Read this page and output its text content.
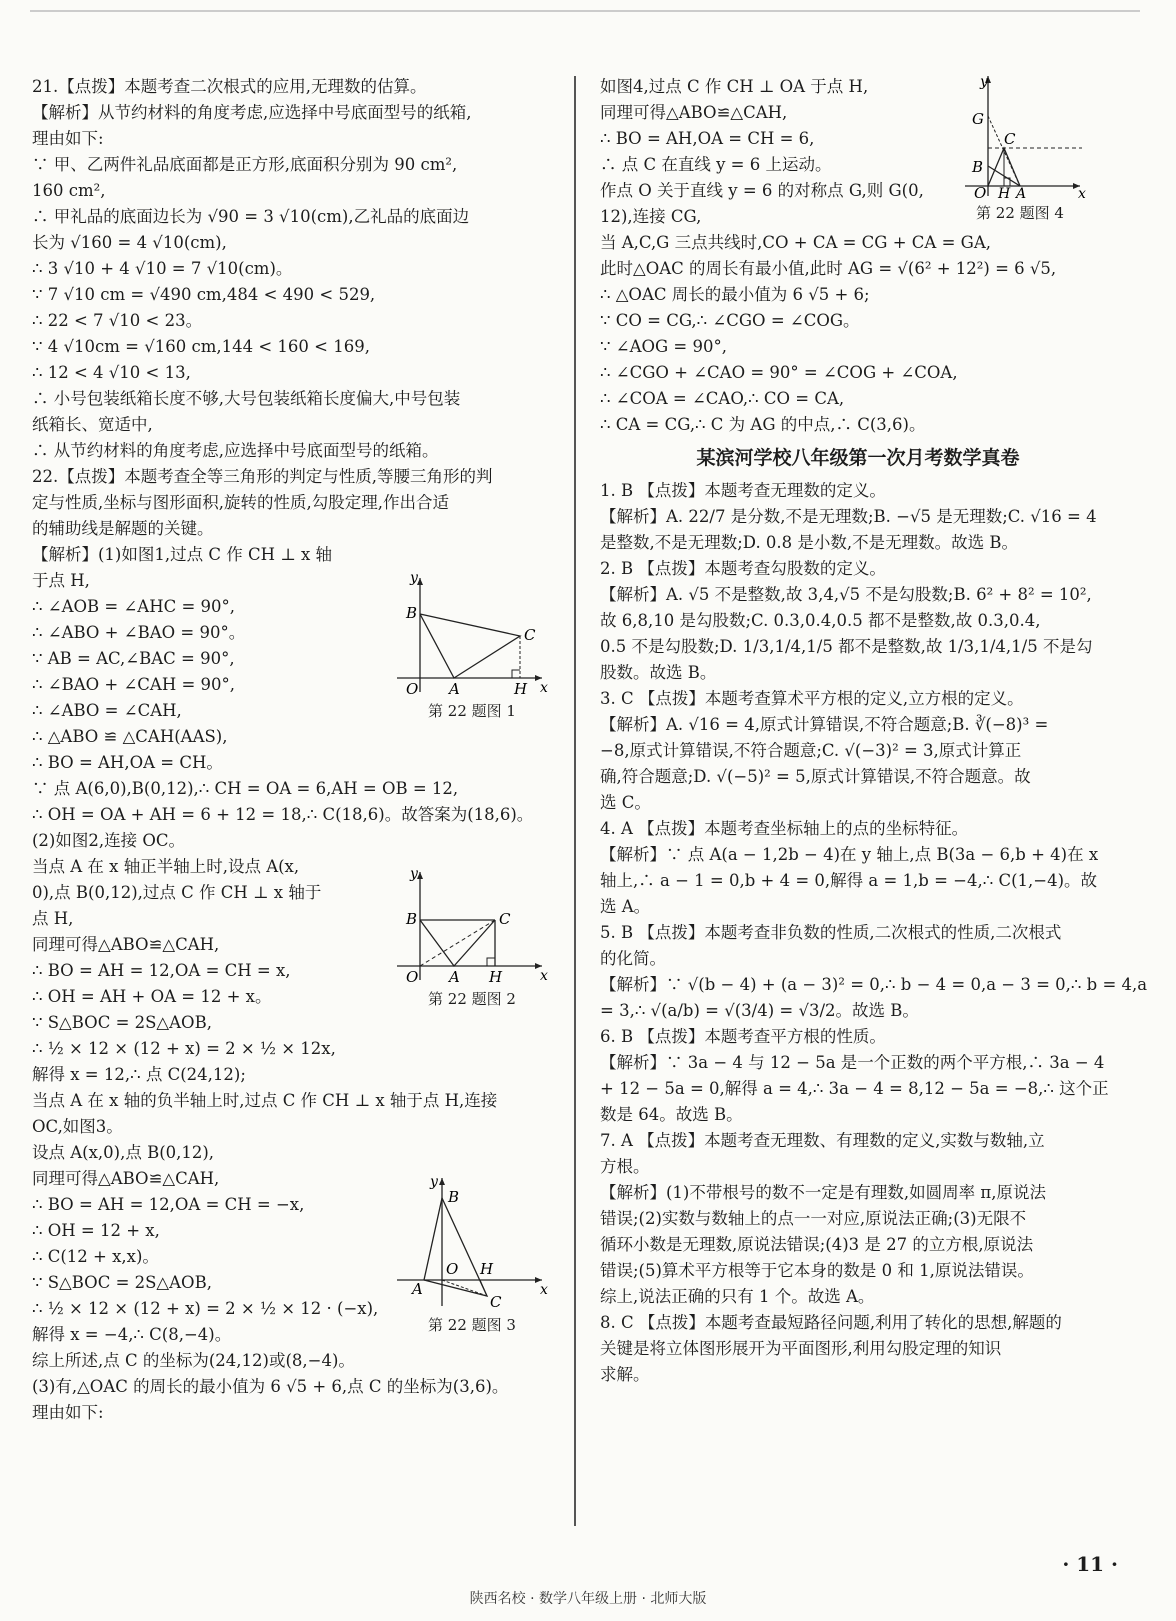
21.【点拨】本题考查二次根式的应用,无理数的估算。
【解析】从节约材料的角度考虑,应选择中号底面型号的纸箱,
理由如下:
∵ 甲、乙两件礼品底面都是正方形,底面积分别为 90 cm²,
160 cm²,
∴ 甲礼品的底面边长为 √90 = 3 √10(cm),乙礼品的底面边
长为 √160 = 4 √10(cm),
∴ 3 √10 + 4 √10 = 7 √10(cm)。
∵ 7 √10 cm = √490 cm,484 < 490 < 529,
∴ 22 < 7 √10 < 23。
∵ 4 √10cm = √160 cm,144 < 160 < 169,
∴ 12 < 4 √10 < 13,
∴ 小号包装纸箱长度不够,大号包装纸箱长度偏大,中号包装
纸箱长、宽适中,
∴ 从节约材料的角度考虑,应选择中号底面型号的纸箱。
22.【点拨】本题考查全等三角形的判定与性质,等腰三角形的判
定与性质,坐标与图形面积,旋转的性质,勾股定理,作出合适
的辅助线是解题的关键。
【解析】(1)如图1,过点 C 作 CH ⊥ x 轴
于点 H,
∴ ∠AOB = ∠AHC = 90°,
∴ ∠ABO + ∠BAO = 90°。
∵ AB = AC,∠BAC = 90°,
∴ ∠BAO + ∠CAH = 90°,
∴ ∠ABO = ∠CAH,
∴ △ABO ≌ △CAH(AAS),
∴ BO = AH,OA = CH。
∵ 点 A(6,0),B(0,12),∴ CH = OA = 6,AH = OB = 12,
∴ OH = OA + AH = 6 + 12 = 18,∴ C(18,6)。故答案为(18,6)。
(2)如图2,连接 OC。
当点 A 在 x 轴正半轴上时,设点 A(x,
0),点 B(0,12),过点 C 作 CH ⊥ x 轴于
点 H,
同理可得△ABO≌△CAH,
∴ BO = AH = 12,OA = CH = x,
∴ OH = AH + OA = 12 + x。
∵ S△BOC = 2S△AOB,
∴ ½ × 12 × (12 + x) = 2 × ½ × 12x,
解得 x = 12,∴ 点 C(24,12);
当点 A 在 x 轴的负半轴上时,过点 C 作 CH ⊥ x 轴于点 H,连接
OC,如图3。
设点 A(x,0),点 B(0,12),
同理可得△ABO≌△CAH,
∴ BO = AH = 12,OA = CH = −x,
∴ OH = 12 + x,
∴ C(12 + x,x)。
∵ S△BOC = 2S△AOB,
∴ ½ × 12 × (12 + x) = 2 × ½ × 12 · (−x),
解得 x = −4,∴ C(8,−4)。
综上所述,点 C 的坐标为(24,12)或(8,−4)。
(3)有,△OAC 的周长的最小值为 6 √5 + 6,点 C 的坐标为(3,6)。
理由如下:
如图4,过点 C 作 CH ⊥ OA 于点 H,
同理可得△ABO≌△CAH,
∴ BO = AH,OA = CH = 6,
∴ 点 C 在直线 y = 6 上运动。
作点 O 关于直线 y = 6 的对称点 G,则 G(0,
12),连接 CG,
当 A,C,G 三点共线时,CO + CA = CG + CA = GA,
此时△OAC 的周长有最小值,此时 AG = √(6² + 12²) = 6 √5,
∴ △OAC 周长的最小值为 6 √5 + 6;
∵ CO = CG,∴ ∠CGO = ∠COG。
∵ ∠AOG = 90°,
∴ ∠CGO + ∠CAO = 90° = ∠COG + ∠COA,
∴ ∠COA = ∠CAO,∴ CO = CA,
∴ CA = CG,∴ C 为 AG 的中点,∴ C(3,6)。
某滨河学校八年级第一次月考数学真卷
1. B 【点拨】本题考查无理数的定义。
【解析】A. 22/7 是分数,不是无理数;B. −√5 是无理数;C. √16 = 4
是整数,不是无理数;D. 0.8 是小数,不是无理数。故选 B。
2. B 【点拨】本题考查勾股数的定义。
【解析】A. √5 不是整数,故 3,4,√5 不是勾股数;B. 6² + 8² = 10²,
故 6,8,10 是勾股数;C. 0.3,0.4,0.5 都不是整数,故 0.3,0.4,
0.5 不是勾股数;D. 1/3,1/4,1/5 都不是整数,故 1/3,1/4,1/5 不是勾
股数。故选 B。
3. C 【点拨】本题考查算术平方根的定义,立方根的定义。
【解析】A. √16 = 4,原式计算错误,不符合题意;B. ∛(−8)³ =
−8,原式计算错误,不符合题意;C. √(−3)² = 3,原式计算正
确,符合题意;D. √(−5)² = 5,原式计算错误,不符合题意。故
选 C。
4. A 【点拨】本题考查坐标轴上的点的坐标特征。
【解析】∵ 点 A(a − 1,2b − 4)在 y 轴上,点 B(3a − 6,b + 4)在 x
轴上,∴ a − 1 = 0,b + 4 = 0,解得 a = 1,b = −4,∴ C(1,−4)。故
选 A。
5. B 【点拨】本题考查非负数的性质,二次根式的性质,二次根式
的化简。
【解析】∵ √(b − 4) + (a − 3)² = 0,∴ b − 4 = 0,a − 3 = 0,∴ b = 4,a
= 3,∴ √(a/b) = √(3/4) = √3/2。故选 B。
6. B 【点拨】本题考查平方根的性质。
【解析】∵ 3a − 4 与 12 − 5a 是一个正数的两个平方根,∴ 3a − 4
+ 12 − 5a = 0,解得 a = 4,∴ 3a − 4 = 8,12 − 5a = −8,∴ 这个正
数是 64。故选 B。
7. A 【点拨】本题考查无理数、有理数的定义,实数与数轴,立
方根。
【解析】(1)不带根号的数不一定是有理数,如圆周率 π,原说法
错误;(2)实数与数轴上的点一一对应,原说法正确;(3)无限不
循环小数是无理数,原说法错误;(4)3 是 27 的立方根,原说法
错误;(5)算术平方根等于它本身的数是 0 和 1,原说法错误。
综上,说法正确的只有 1 个。故选 A。
8. C 【点拨】本题考查最短路径问题,利用了转化的思想,解题的
关键是将立体图形展开为平面图形,利用勾股定理的知识
求解。
y
x
B
C
O A	H
第 22 题图 1
y
x
B	C
O A H
第 22 题图 2
y
x
B
C
O
A
H
第 22 题图 3
y
x
G
C
B
O H A
第 22 题图 4
· 11 ·
陕西名校 · 数学八年级上册 · 北师大版
